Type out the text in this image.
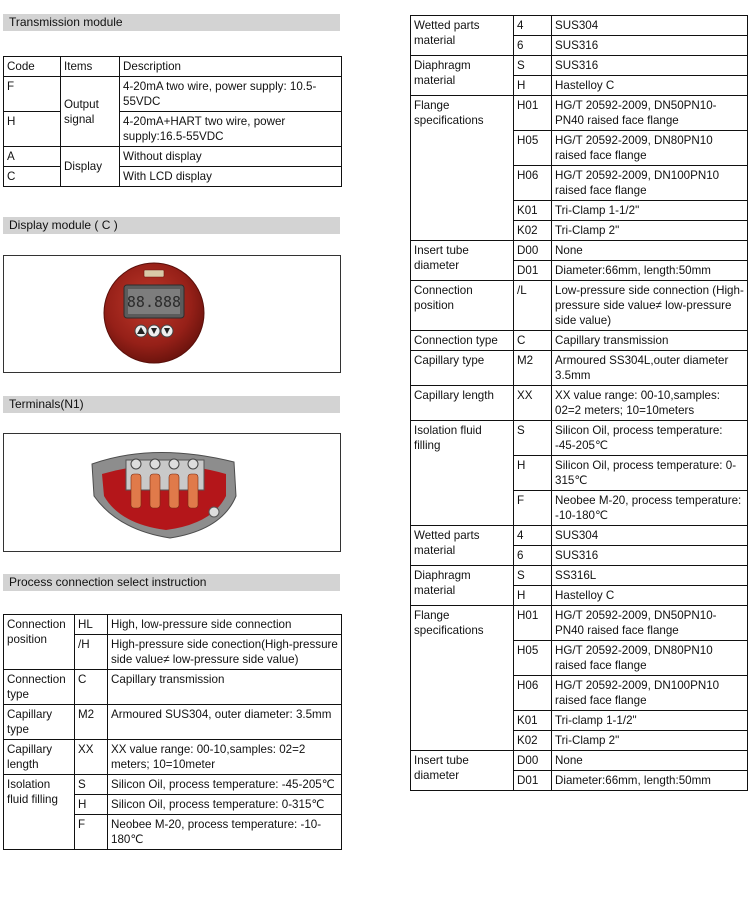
Transmission module
Code	Items	Description
F	Output signal	4-20mA two wire, power supply: 10.5-55VDC
H		4-20mA+HART two wire, power supply:16.5-55VDC
A	Display	Without display
C		With LCD display
Display module ( C )
88.888
Terminals(N1)
Process connection select instruction
Connection position	HL	High, low-pressure side connection
	/H	High-pressure side conection(High-pressure side value≠ low-pressure side value)
Connection type	C	Capillary transmission
Capillary type	M2	Armoured SUS304, outer diameter: 3.5mm
Capillary length	XX	XX value range: 00-10,samples: 02=2 meters; 10=10meter
Isolation fluid filling	S	Silicon Oil, process temperature: -45-205℃
	H	Silicon Oil, process temperature: 0-315℃
	F	Neobee M-20, process temperature: -10-180℃
Wetted parts material	4	SUS304
	6	SUS316
Diaphragm material	S	SUS316
	H	Hastelloy C
Flange specifications	H01	HG/T 20592-2009, DN50PN10-PN40 raised face flange
	H05	HG/T 20592-2009, DN80PN10 raised face flange
	H06	HG/T 20592-2009, DN100PN10 raised face flange
	K01	Tri-Clamp 1-1/2"
	K02	Tri-Clamp 2"
Insert tube diameter	D00	None
	D01	Diameter:66mm, length:50mm
Connection position	/L	Low-pressure side connection (High-pressure side value≠ low-pressure side value)
Connection type	C	Capillary transmission
Capillary type	M2	Armoured SS304L,outer diameter 3.5mm
Capillary length	XX	XX value range: 00-10,samples: 02=2 meters; 10=10meters
Isolation fluid filling	S	Silicon Oil, process temperature: -45-205℃
	H	Silicon Oil, process temperature: 0-315℃
	F	Neobee M-20, process temperature: -10-180℃
Wetted parts material	4	SUS304
	6	SUS316
Diaphragm material	S	SS316L
	H	Hastelloy C
Flange specifications	H01	HG/T 20592-2009, DN50PN10-PN40 raised face flange
	H05	HG/T 20592-2009, DN80PN10 raised face flange
	H06	HG/T 20592-2009, DN100PN10 raised face flange
	K01	Tri-clamp 1-1/2"
	K02	Tri-Clamp 2"
Insert tube diameter	D00	None
	D01	Diameter:66mm, length:50mm
